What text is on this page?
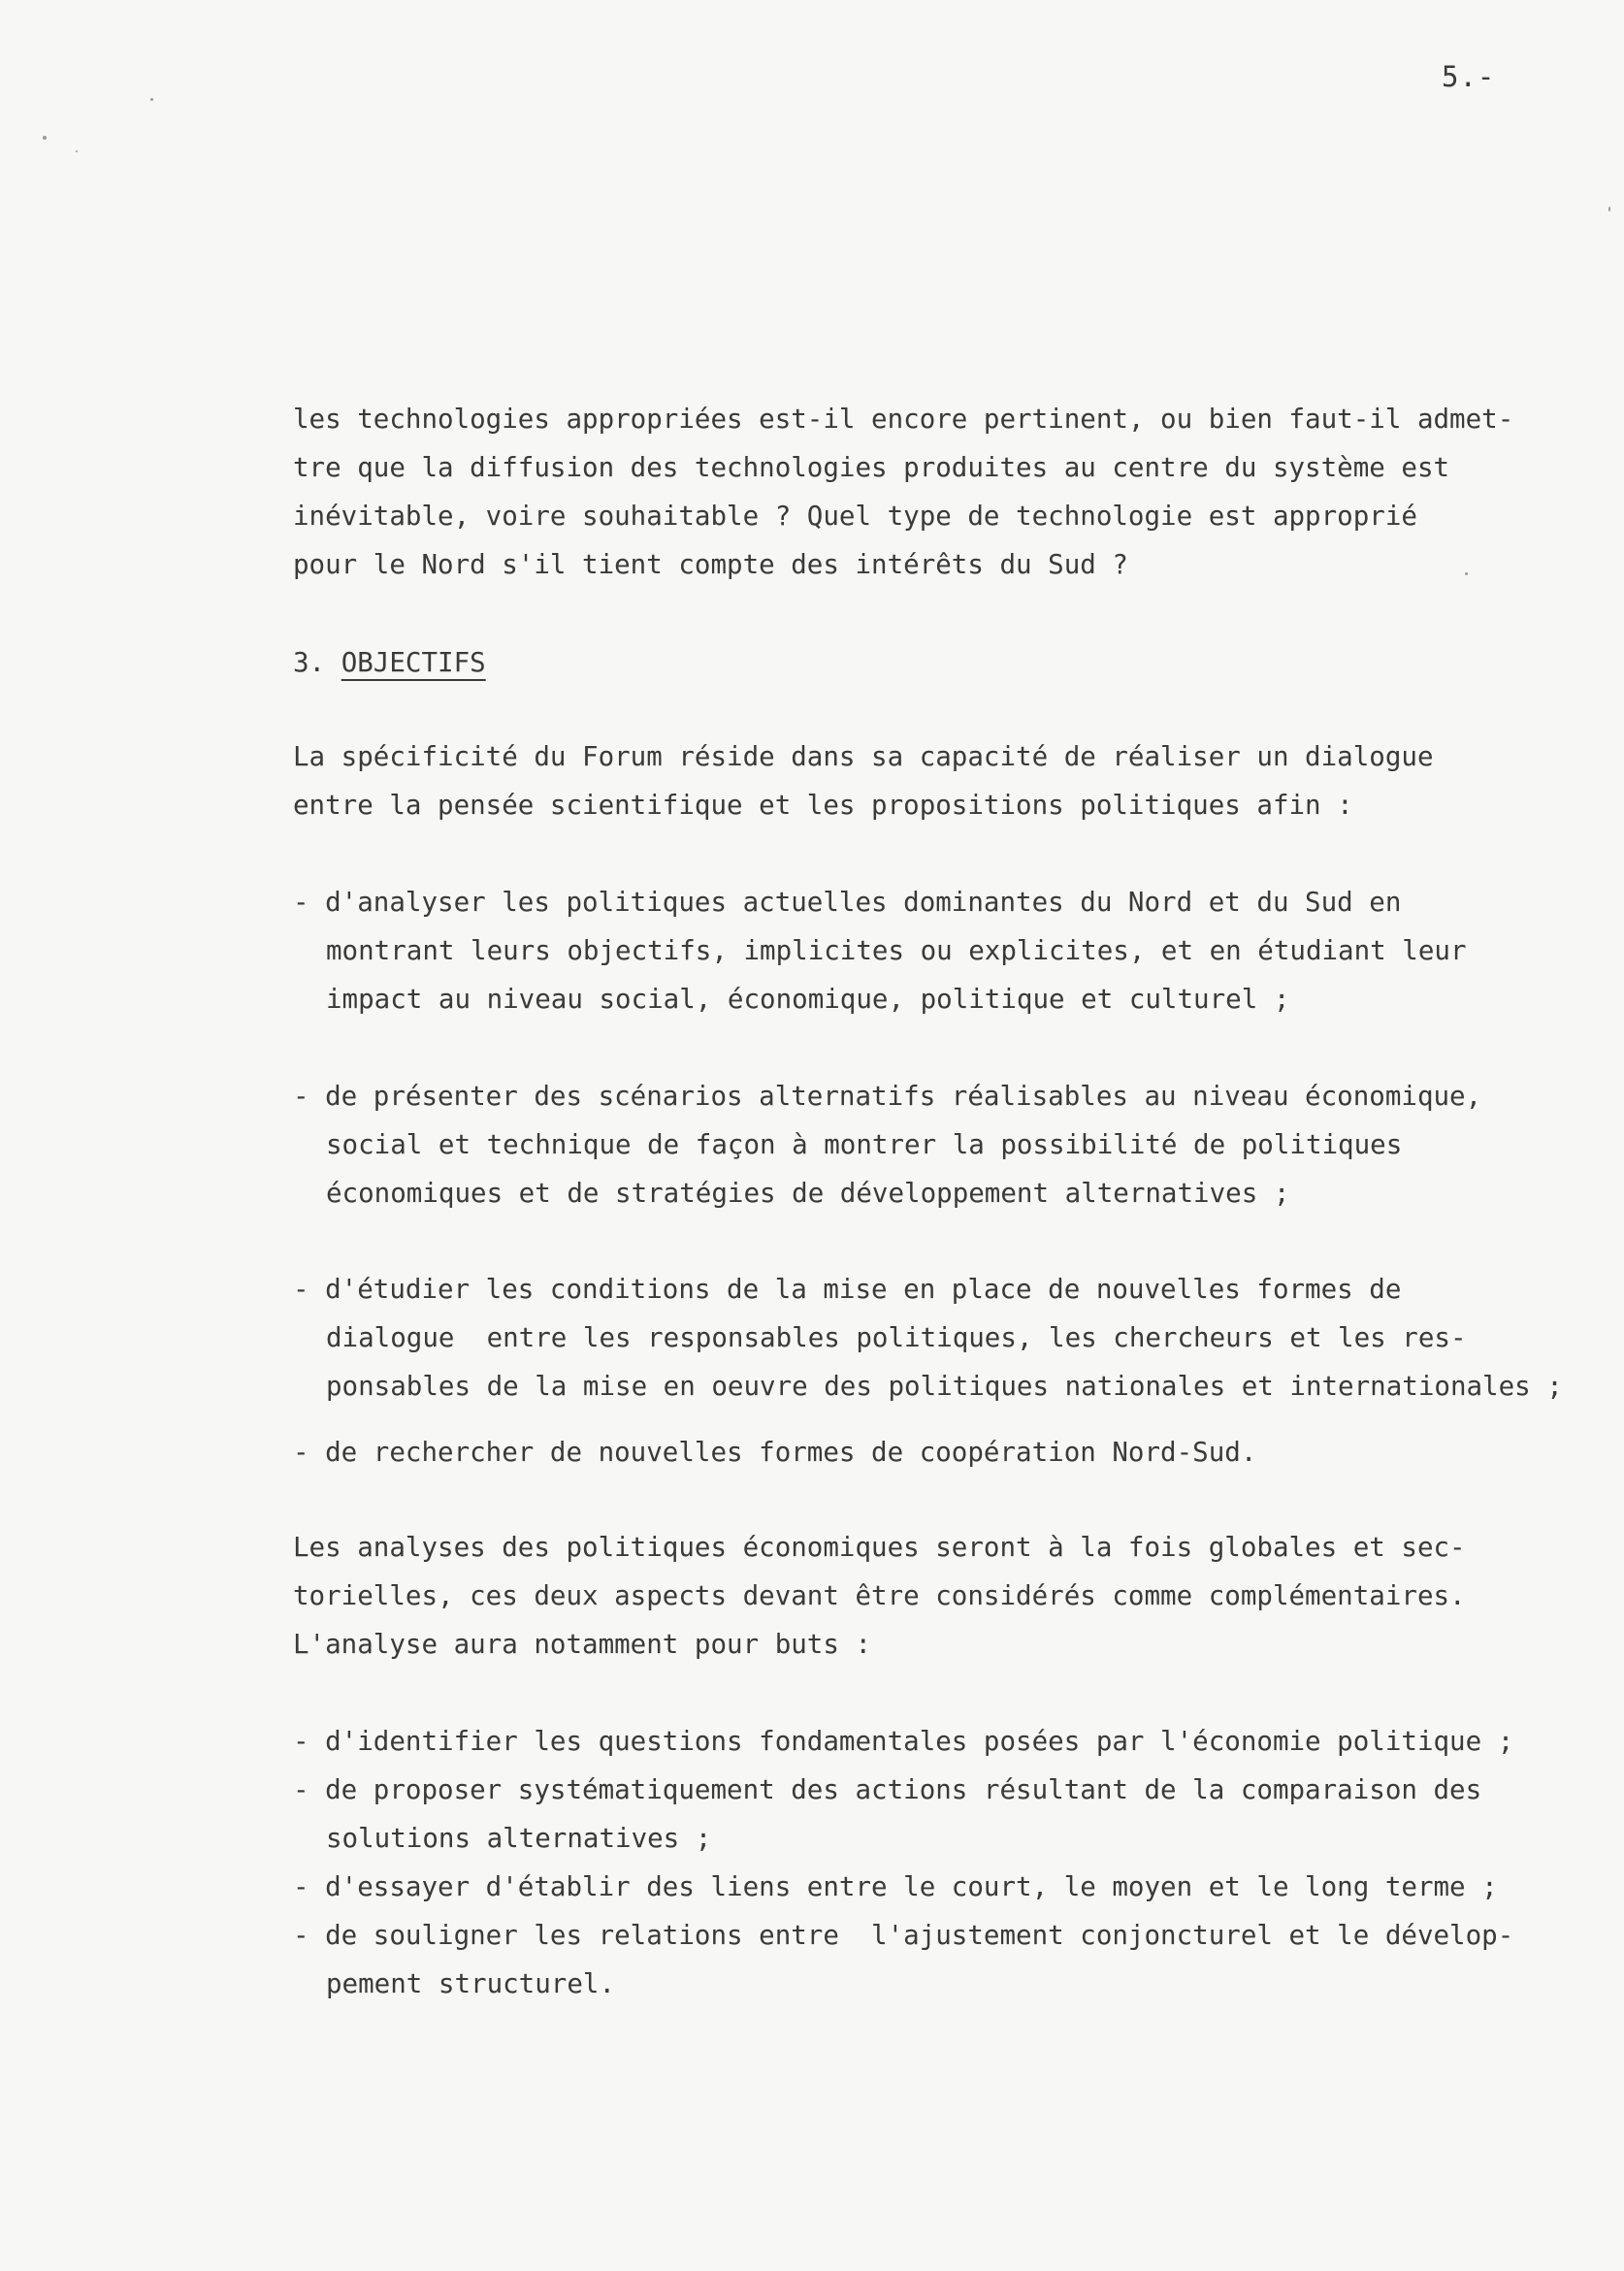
5.-
les technologies appropriées est-il encore pertinent, ou bien faut-il admet-
tre que la diffusion des technologies produites au centre du système est
inévitable, voire souhaitable ? Quel type de technologie est approprié
pour le Nord s'il tient compte des intérêts du Sud ?
3. OBJECTIFS
La spécificité du Forum réside dans sa capacité de réaliser un dialogue
entre la pensée scientifique et les propositions politiques afin :
- d'analyser les politiques actuelles dominantes du Nord et du Sud en
montrant leurs objectifs, implicites ou explicites, et en étudiant leur
impact au niveau social, économique, politique et culturel ;
- de présenter des scénarios alternatifs réalisables au niveau économique,
social et technique de façon à montrer la possibilité de politiques
économiques et de stratégies de développement alternatives ;
- d'étudier les conditions de la mise en place de nouvelles formes de
dialogue  entre les responsables politiques, les chercheurs et les res-
ponsables de la mise en oeuvre des politiques nationales et internationales ;
- de rechercher de nouvelles formes de coopération Nord-Sud.
Les analyses des politiques économiques seront à la fois globales et sec-
torielles, ces deux aspects devant être considérés comme complémentaires.
L'analyse aura notamment pour buts :
- d'identifier les questions fondamentales posées par l'économie politique ;
- de proposer systématiquement des actions résultant de la comparaison des
solutions alternatives ;
- d'essayer d'établir des liens entre le court, le moyen et le long terme ;
- de souligner les relations entre  l'ajustement conjoncturel et le dévelop-
pement structurel.
